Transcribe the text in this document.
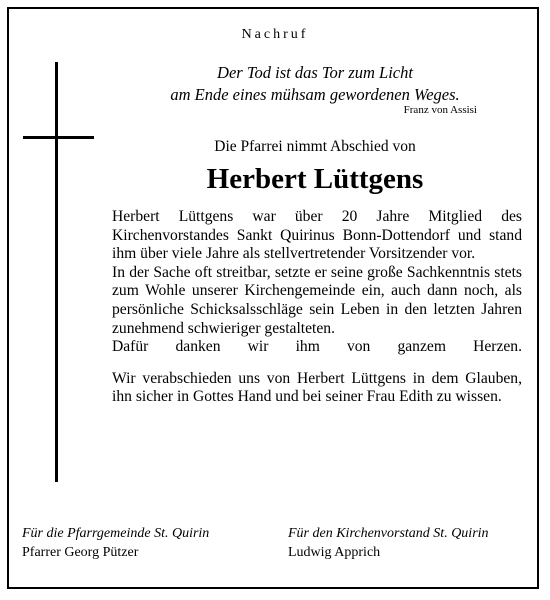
Nachruf
Der Tod ist das Tor zum Licht
am Ende eines mühsam gewordenen Weges.
Franz von Assisi
Die Pfarrei nimmt Abschied von
Herbert Lüttgens

Herbert Lüttgens war über 20 Jahre Mitglied des Kirchenvorstandes Sankt Quirinus Bonn-Dottendorf und stand ihm über viele Jahre als stellvertretender Vorsitzender vor.

In der Sache oft streitbar, setzte er seine große Sachkenntnis stets zum Wohle unserer Kirchengemeinde ein, auch dann noch, als persönliche Schicksalsschläge sein Leben in den letzten Jahren zunehmend schwieriger gestalteten.

Dafür danken wir ihm von ganzem Herzen.

Wir verabschieden uns von Herbert Lüttgens in dem Glauben, ihn sicher in Gottes Hand und bei seiner Frau Edith zu wissen.

Für die Pfarrgemeinde St. Quirin
Pfarrer Georg Pützer
Für den Kirchenvorstand St. Quirin
Ludwig Apprich
